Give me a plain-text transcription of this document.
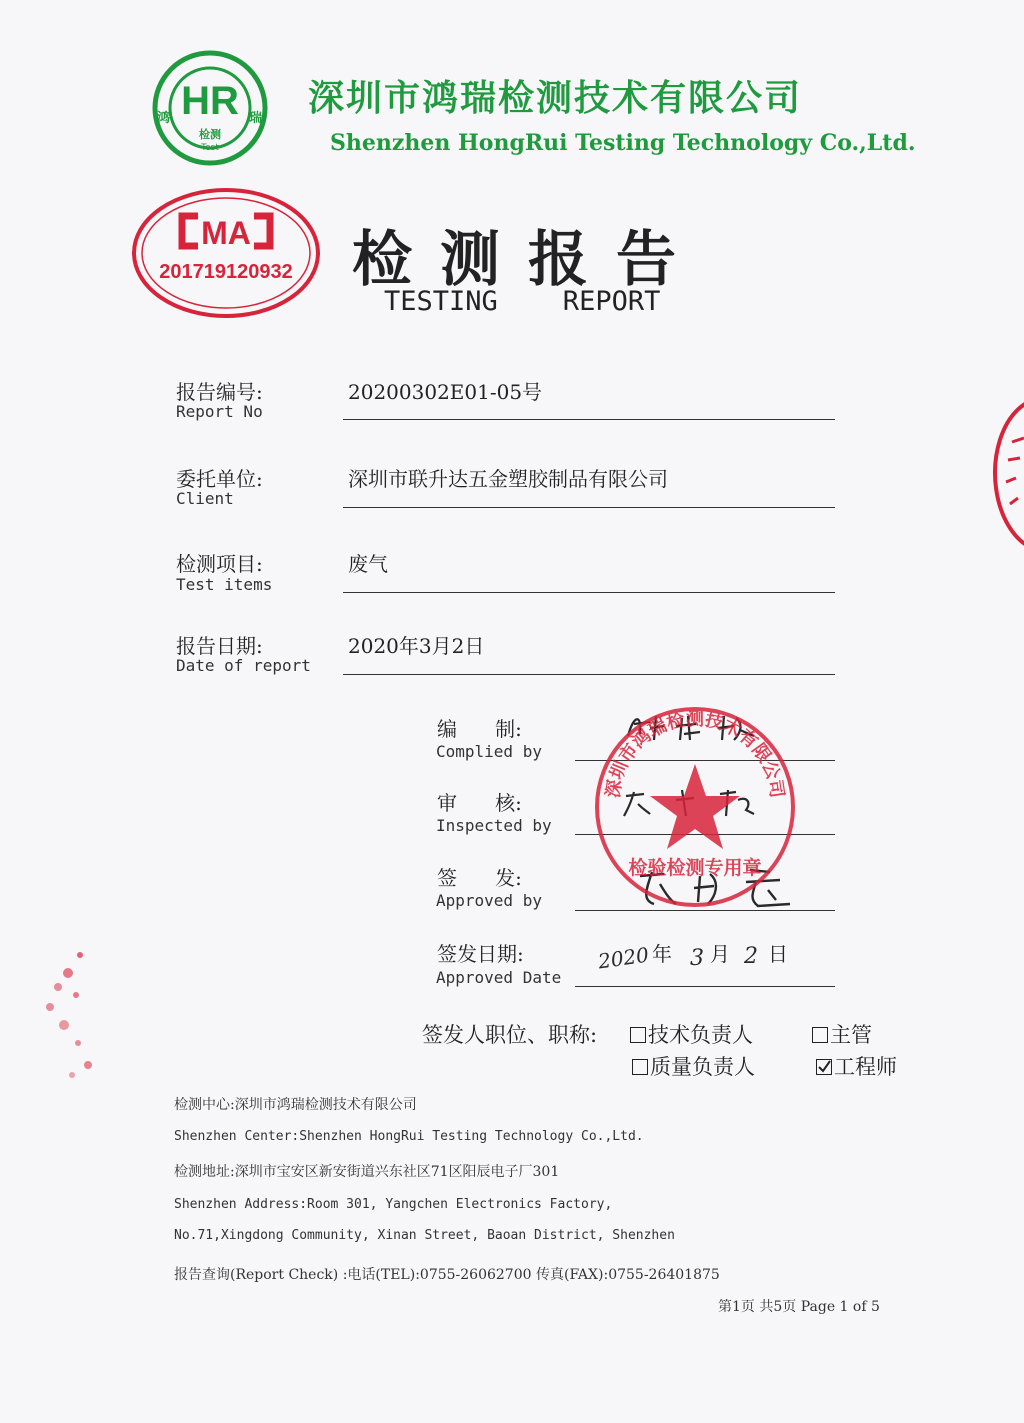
HR
鸿	瑞
检测
Test
深圳市鸿瑞检测技术有限公司
Shenzhen HongRui Testing Technology Co.,Ltd.
MA
201719120932 检测报告
TESTING    REPORT
报告编号:
Report No
20200302E01-05号
委托单位:
Client
深圳市联升达五金塑胶制品有限公司
检测项目:
Test items
废气
报告日期:
Date of report
2020年3月2日
编      制:
Complied by
审      核:
Inspected by
签      发:
Approved by
签发日期:
Approved Date
2020 年 3 月 2 日
深圳市鸿瑞检测技术有限公司
检验检测专用章
签发人职位、职称:	技术负责人	主管
质量负责人	工程师
检测中心:深圳市鸿瑞检测技术有限公司
Shenzhen Center:Shenzhen HongRui Testing Technology Co.,Ltd.
检测地址:深圳市宝安区新安街道兴东社区71区阳辰电子厂301
Shenzhen Address:Room 301, Yangchen Electronics Factory,
No.71,Xingdong Community, Xinan Street, Baoan District, Shenzhen
报告查询(Report Check) :电话(TEL):0755-26062700 传真(FAX):0755-26401875
第1页 共5页 Page 1 of 5
